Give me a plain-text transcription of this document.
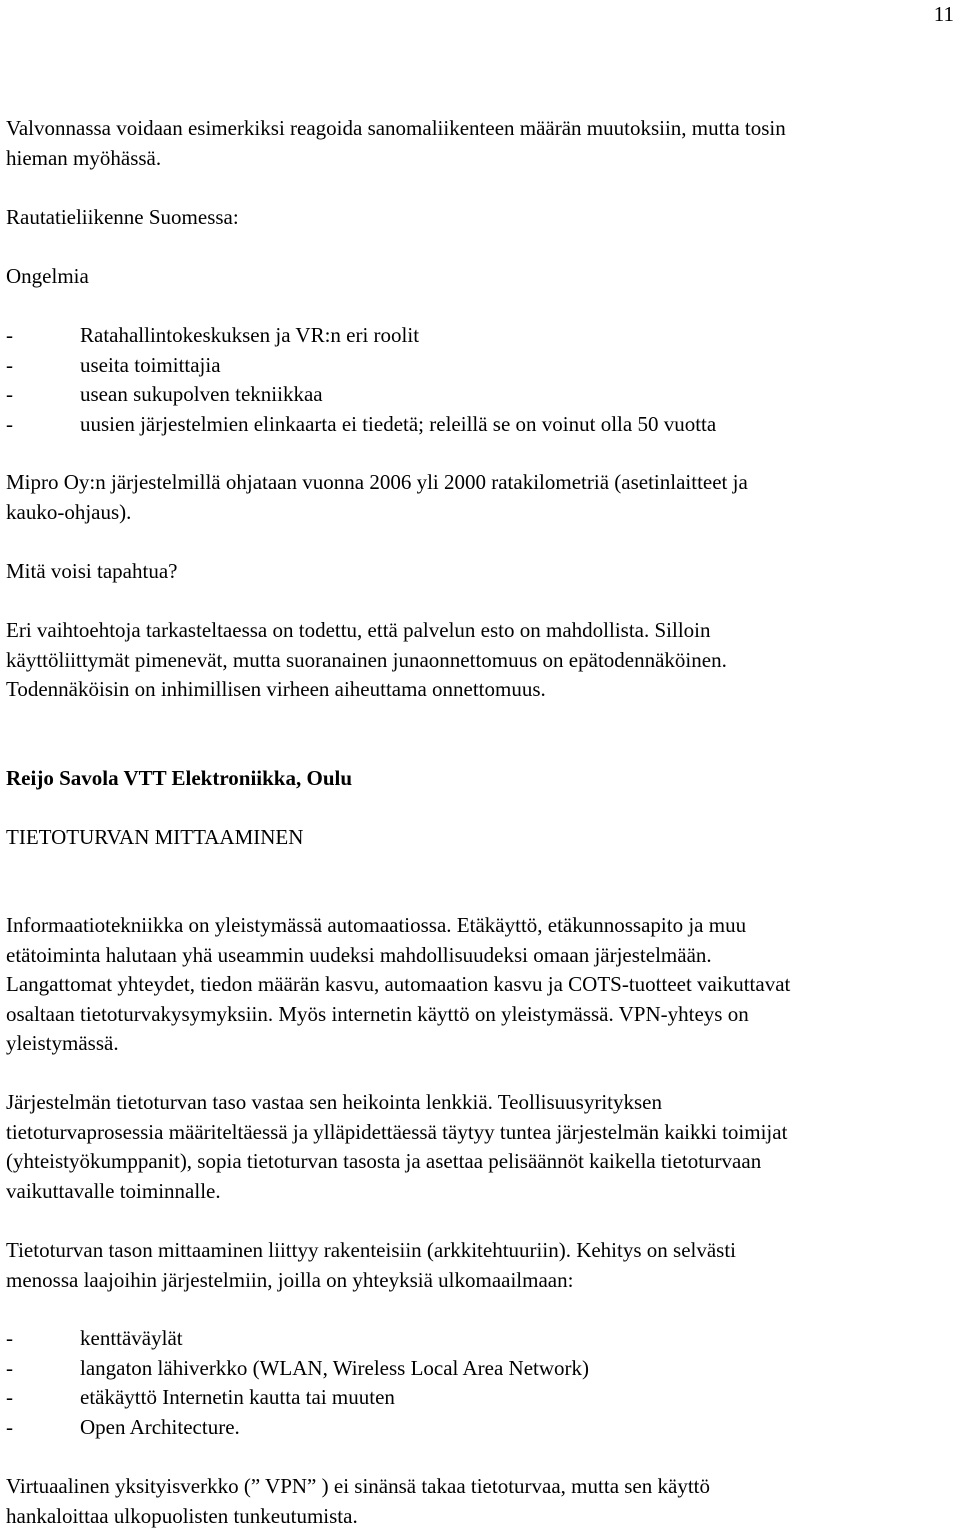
11

Valvonnassa voidaan esimerkiksi reagoida sanomaliikenteen määrän muutoksiin, mutta tosin

hieman myöhässä.

Rautatieliikenne Suomessa:
Ongelmia
-	Ratahallintokeskuksen ja VR:n eri roolit
-	useita toimittajia
-	usean sukupolven tekniikkaa
-	uusien järjestelmien elinkaarta ei tiedetä; releillä se on voinut olla 50 vuotta

Mipro Oy:n järjestelmillä ohjataan vuonna 2006 yli 2000 ratakilometriä (asetinlaitteet ja

kauko-ohjaus).

Mitä voisi tapahtua?

Eri vaihtoehtoja tarkasteltaessa on todettu, että palvelun esto on mahdollista. Silloin

käyttöliittymät pimenevät, mutta suoranainen junaonnettomuus on epätodennäköinen.

Todennäköisin on inhimillisen virheen aiheuttama onnettomuus.

Reijo Savola VTT Elektroniikka, Oulu
TIETOTURVAN MITTAAMINEN

Informaatiotekniikka on yleistymässä automaatiossa. Etäkäyttö, etäkunnossapito ja muu

etätoiminta halutaan yhä useammin uudeksi mahdollisuudeksi omaan järjestelmään.

Langattomat yhteydet, tiedon määrän kasvu, automaation kasvu ja COTS-tuotteet vaikuttavat

osaltaan tietoturvakysymyksiin. Myös internetin käyttö on yleistymässä. VPN-yhteys on

yleistymässä.

Järjestelmän tietoturvan taso vastaa sen heikointa lenkkiä. Teollisuusyrityksen

tietoturvaprosessia määriteltäessä ja ylläpidettäessä täytyy tuntea järjestelmän kaikki toimijat

(yhteistyökumppanit), sopia tietoturvan tasosta ja asettaa pelisäännöt kaikella tietoturvaan

vaikuttavalle toiminnalle.

Tietoturvan tason mittaaminen liittyy rakenteisiin (arkkitehtuuriin). Kehitys on selvästi

menossa laajoihin järjestelmiin, joilla on yhteyksiä ulkomaailmaan:

-	kenttäväylät
-	langaton lähiverkko (WLAN, Wireless Local Area Network)
-	etäkäyttö Internetin kautta tai muuten
-	Open Architecture.

Virtuaalinen yksityisverkko (” VPN” ) ei sinänsä takaa tietoturvaa, mutta sen käyttö

hankaloittaa ulkopuolisten tunkeutumista.
